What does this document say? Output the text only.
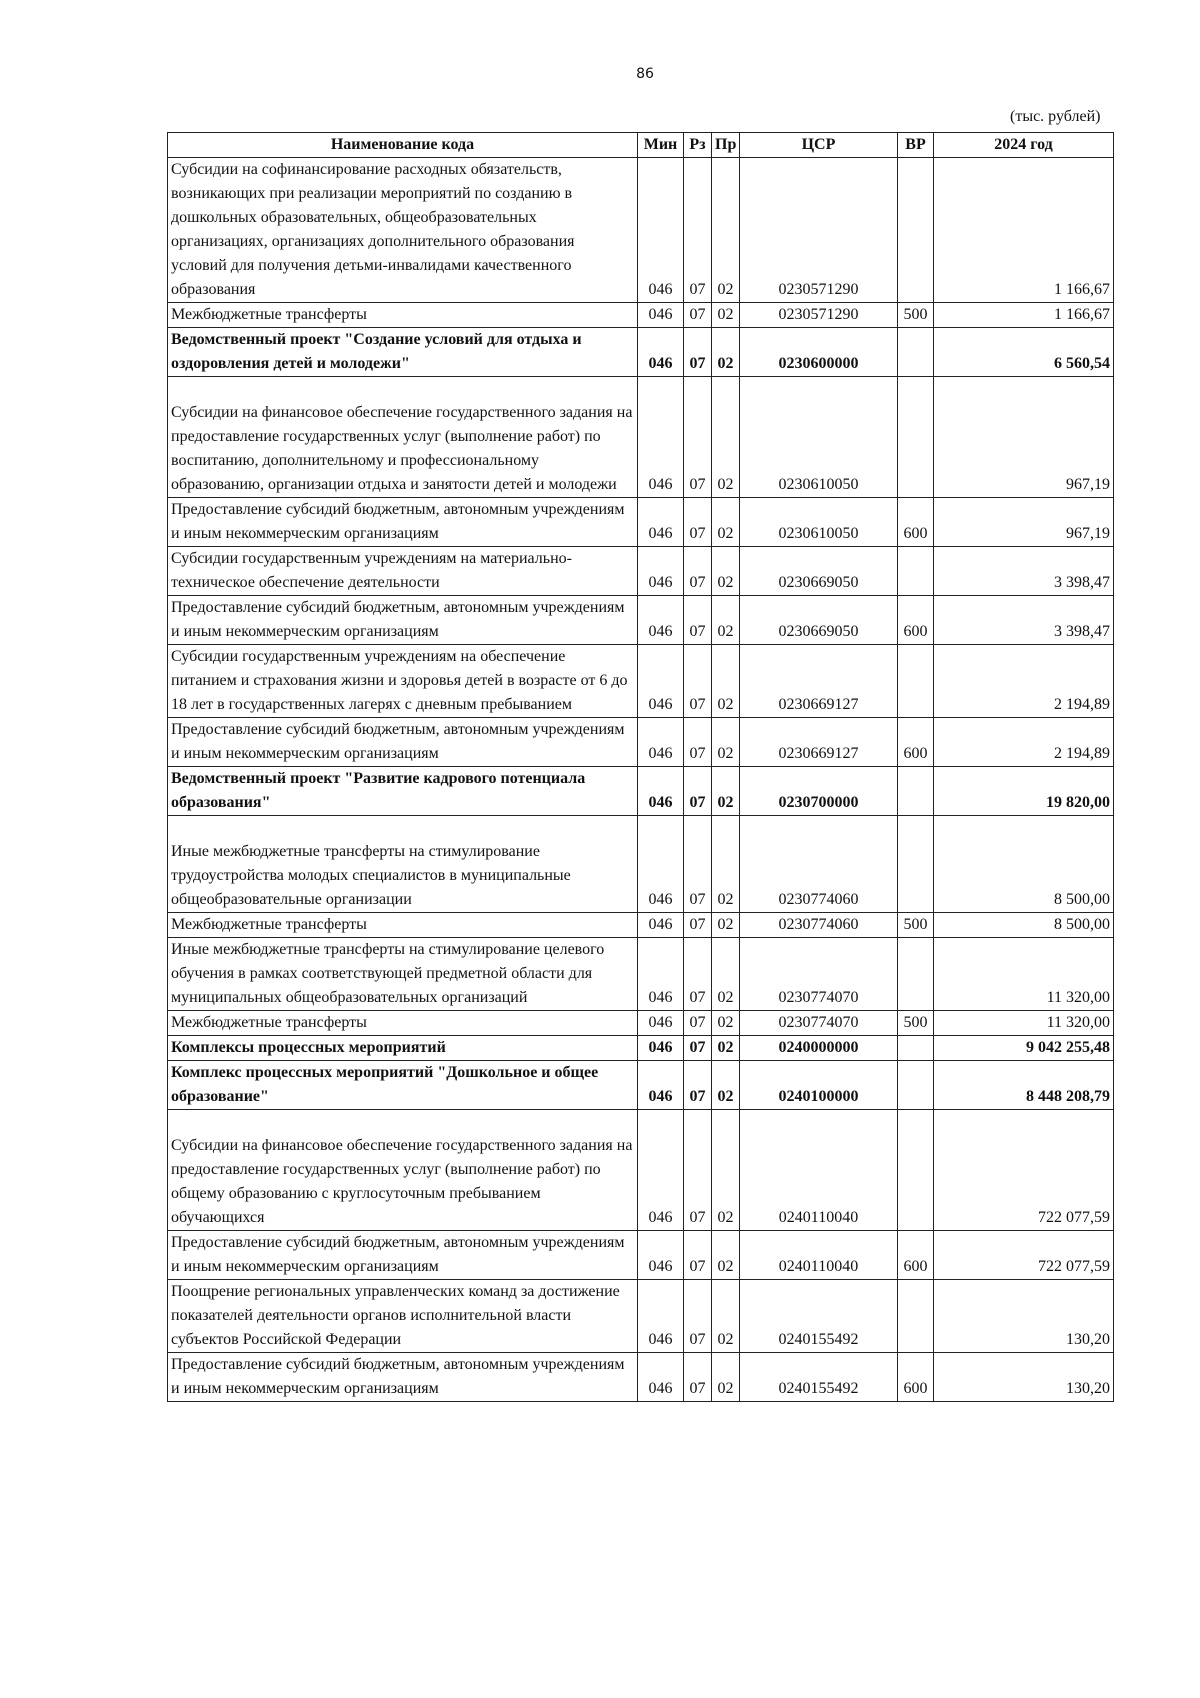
86
(тыс. рублей)
Наименование кода	Мин	Рз	Пр	ЦСР	ВР	2024 год
Субсидии на софинансирование расходных обязательств, возникающих при реализации мероприятий по созданию в дошкольных образовательных, общеобразовательных организациях, организациях дополнительного образования условий для получения детьми-инвалидами качественного образования	046	07	02	0230571290		1 166,67
Межбюджетные трансферты	046	07	02	0230571290	500	1 166,67
Ведомственный проект "Создание условий для отдыха и оздоровления детей и молодежи"	046	07	02	0230600000		6 560,54
Субсидии на финансовое обеспечение государственного задания на предоставление государственных услуг (выполнение работ) по воспитанию, дополнительному и профессиональному образованию, организации отдыха и занятости детей и молодежи	046	07	02	0230610050		967,19
Предоставление субсидий бюджетным, автономным учреждениям и иным некоммерческим организациям	046	07	02	0230610050	600	967,19
Субсидии государственным учреждениям на материально-техническое обеспечение деятельности	046	07	02	0230669050		3 398,47
Предоставление субсидий бюджетным, автономным учреждениям и иным некоммерческим организациям	046	07	02	0230669050	600	3 398,47
Субсидии государственным учреждениям на обеспечение питанием и страхования жизни и здоровья детей в возрасте от 6 до 18 лет в государственных лагерях с дневным пребыванием	046	07	02	0230669127		2 194,89
Предоставление субсидий бюджетным, автономным учреждениям и иным некоммерческим организациям	046	07	02	0230669127	600	2 194,89
Ведомственный проект "Развитие кадрового потенциала образования"	046	07	02	0230700000		19 820,00
Иные межбюджетные трансферты на стимулирование трудоустройства молодых специалистов в муниципальные общеобразовательные организации	046	07	02	0230774060		8 500,00
Межбюджетные трансферты	046	07	02	0230774060	500	8 500,00
Иные межбюджетные трансферты на стимулирование целевого обучения в рамках соответствующей предметной области для муниципальных общеобразовательных организаций	046	07	02	0230774070		11 320,00
Межбюджетные трансферты	046	07	02	0230774070	500	11 320,00
Комплексы процессных мероприятий	046	07	02	0240000000		9 042 255,48
Комплекс процессных мероприятий "Дошкольное и общее образование"	046	07	02	0240100000		8 448 208,79
Субсидии на финансовое обеспечение государственного задания на предоставление государственных услуг (выполнение работ) по общему образованию с круглосуточным пребыванием обучающихся	046	07	02	0240110040		722 077,59
Предоставление субсидий бюджетным, автономным учреждениям и иным некоммерческим организациям	046	07	02	0240110040	600	722 077,59
Поощрение региональных управленческих команд за достижение показателей деятельности органов исполнительной власти субъектов Российской Федерации	046	07	02	0240155492		130,20
Предоставление субсидий бюджетным, автономным учреждениям и иным некоммерческим организациям	046	07	02	0240155492	600	130,20
